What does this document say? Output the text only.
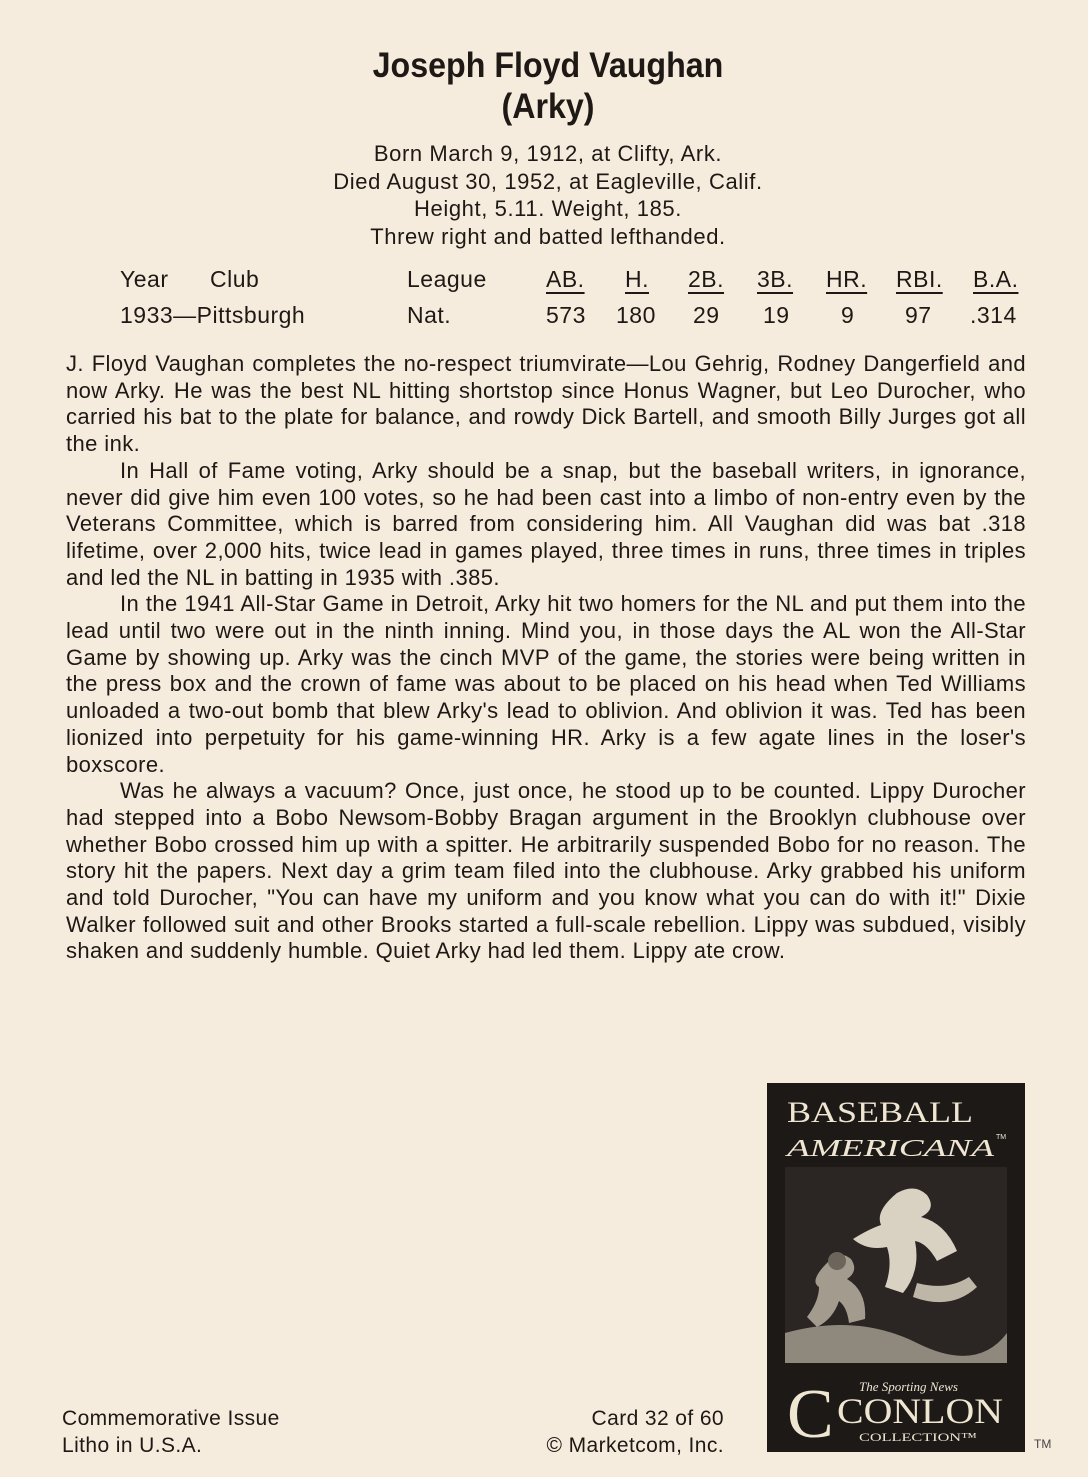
Joseph Floyd Vaughan
(Arky)
Born March 9, 1912, at Clifty, Ark.
Died August 30, 1952, at Eagleville, Calif.
Height, 5.11. Weight, 185.
Threw right and batted lefthanded.
Year Club	League	AB. H. 2B. 3B. HR. RBI. B.A.
1933—Pittsburgh	Nat.	573 180 29 19 9 97 .314

J. Floyd Vaughan completes the no-respect triumvirate—Lou Gehrig, Rodney Dangerfield and now Arky. He was the best NL hitting shortstop since Honus Wagner, but Leo Durocher, who carried his bat to the plate for balance, and rowdy Dick Bartell, and smooth Billy Jurges got all the ink.

In Hall of Fame voting, Arky should be a snap, but the baseball writers, in ignorance, never did give him even 100 votes, so he had been cast into a limbo of non-entry even by the Veterans Committee, which is barred from considering him. All Vaughan did was bat .318 lifetime, over 2,000 hits, twice lead in games played, three times in runs, three times in triples and led the NL in batting in 1935 with .385.

In the 1941 All-Star Game in Detroit, Arky hit two homers for the NL and put them into the lead until two were out in the ninth inning. Mind you, in those days the AL won the All-Star Game by showing up. Arky was the cinch MVP of the game, the stories were being written in the press box and the crown of fame was about to be placed on his head when Ted Williams unloaded a two-out bomb that blew Arky's lead to oblivion. And oblivion it was. Ted has been lionized into perpetuity for his game-winning HR. Arky is a few agate lines in the loser's boxscore.

Was he always a vacuum? Once, just once, he stood up to be counted. Lippy Durocher had stepped into a Bobo Newsom-Bobby Bragan argument in the Brooklyn clubhouse over whether Bobo crossed him up with a spitter. He arbitrarily suspended Bobo for no reason. The story hit the papers. Next day a grim team filed into the clubhouse. Arky grabbed his uniform and told Durocher, "You can have my uniform and you know what you can do with it!" Dixie Walker followed suit and other Brooks started a full-scale rebellion. Lippy was subdued, visibly shaken and suddenly humble. Quiet Arky had led them. Lippy ate crow.

Commemorative Issue
Litho in U.S.A.
Card 32 of 60
© Marketcom, Inc.
BASEBALL
AMERICANA TM
C The Sporting News
CONLON
COLLECTION™	TM
